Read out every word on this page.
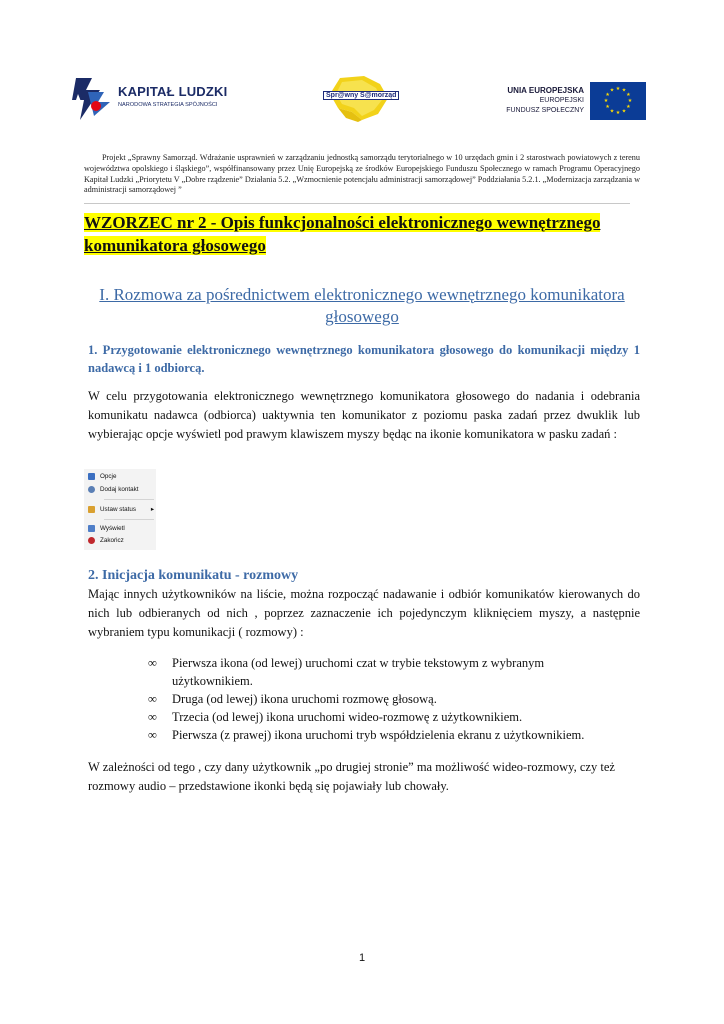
KAPITAŁ LUDZKI
NARODOWA STRATEGIA SPÓJNOŚCI
Spr@wny S@morząd
UNIA EUROPEJSKA
EUROPEJSKI
FUNDUSZ SPOŁECZNY
★ ★
★
★
★
★
★
★
★
★
★
★

Projekt „Sprawny Samorząd. Wdrażanie usprawnień w zarządzaniu jednostką samorządu terytorialnego w 10 urzędach gmin i 2 starostwach powiatowych z terenu województwa opolskiego i śląskiego”, współfinansowany przez Unię Europejską ze środków Europejskiego Funduszu Społecznego w ramach Programu Operacyjnego Kapitał Ludzki „Priorytetu V „Dobre rządzenie” Działania 5.2. „Wzmocnienie potencjału administracji samorządowej” Poddziałania 5.2.1. „Modernizacja zarządzania w administracji samorządowej ”

WZORZEC nr 2 - Opis funkcjonalności elektronicznego wewnętrznego komunikatora głosowego
I. Rozmowa za pośrednictwem elektronicznego wewnętrznego komunikatora głosowego
1. Przygotowanie elektronicznego wewnętrznego komunikatora głosowego do komunikacji między 1 nadawcą i 1 odbiorcą.
W celu przygotowania elektronicznego wewnętrznego komunikatora głosowego do nadania i odebrania komunikatu nadawca (odbiorca) uaktywnia ten komunikator z poziomu paska zadań przez dwuklik lub wybierając opcje wyświetl pod prawym klawiszem myszy będąc na ikonie komunikatora w pasku zadań :
Opcje
Dodaj kontakt
Ustaw status ▸
Wyświetl
Zakończ
2. Inicjacja komunikatu - rozmowy
Mając innych użytkowników na liście, można rozpocząć nadawanie i odbiór komunikatów kierowanych do nich lub odbieranych od nich , poprzez zaznaczenie ich pojedynczym kliknięciem myszy, a następnie wybraniem typu komunikacji ( rozmowy) :
∞ Pierwsza ikona (od lewej) uruchomi czat w trybie tekstowym z wybranym użytkownikiem.
∞ Druga (od lewej) ikona uruchomi rozmowę głosową.
∞ Trzecia (od lewej) ikona uruchomi wideo-rozmowę z użytkownikiem.
∞ Pierwsza (z prawej) ikona uruchomi tryb współdzielenia ekranu z użytkownikiem.
W zależności od tego , czy dany użytkownik „po drugiej stronie” ma możliwość wideo-rozmowy, czy też rozmowy audio – przedstawione ikonki będą się pojawiały lub chowały.
1
